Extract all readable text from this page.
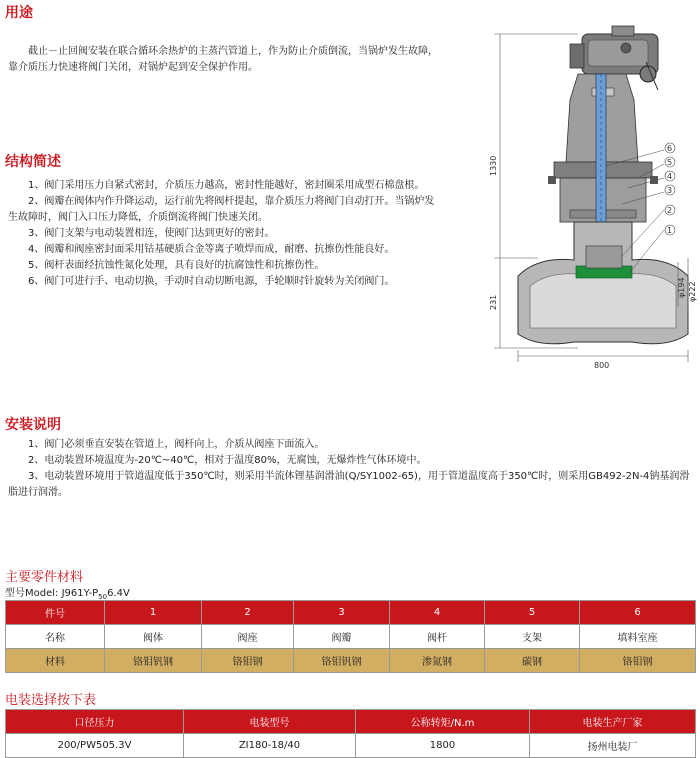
用途
截止－止回阀安装在联合循环余热炉的主蒸汽管道上，作为防止介质倒流，当锅炉发生故障，靠介质压力快速将阀门关闭，对锅炉起到安全保护作用。
结构简述
1、阀门采用压力自紧式密封，介质压力越高，密封性能越好，密封圈采用成型石棉盘根。
2、阀瓣在阀体内作升降运动，运行前先将阀杆提起，靠介质压力将阀门自动打开。当锅炉发生故障时，阀门入口压力降低，介质倒流将阀门快速关闭。
3、阀门支架与电动装置相连，使阀门达到更好的密封。
4、阀瓣和阀座密封面采用钴基硬质合金等离子喷焊而成，耐磨、抗擦伤性能良好。
5、阀杆表面经抗蚀性氮化处理，具有良好的抗腐蚀性和抗擦伤性。
6、阀门可进行手、电动切换，手动时自动切断电源，手轮顺时针旋转为关闭阀门。
1330
231
φ194 φ222
800
6
5
4
3
2
1
安装说明
1、阀门必须垂直安装在管道上，阀杆向上，介质从阀座下面流入。
2、电动装置环境温度为-20℃~40℃，相对于温度80%，无腐蚀，无爆炸性气体环境中。
3、电动装置环境用于管道温度低于350℃时，则采用半流体锂基润滑油(Q/SY1002-65)，用于管道温度高于350℃时，则采用GB492-2N-4钠基润滑脂进行润滑。
主要零件材料
型号Model: $J961Y-P_{50}6.4V$
件号	1	2	3	4	5	6
名称	阀体	阀座	阀瓣	阀杆	支架	填料室座
材料	铬钼钒钢	铬钼钢	铬钼钒钢	渗氮钢	碳钢	铬钼钢
电装选择按下表
口径压力	电装型号	公称转矩/N.m	电装生产厂家
200/PW505.3V	ZI180-18/40	1800	扬州电装厂
